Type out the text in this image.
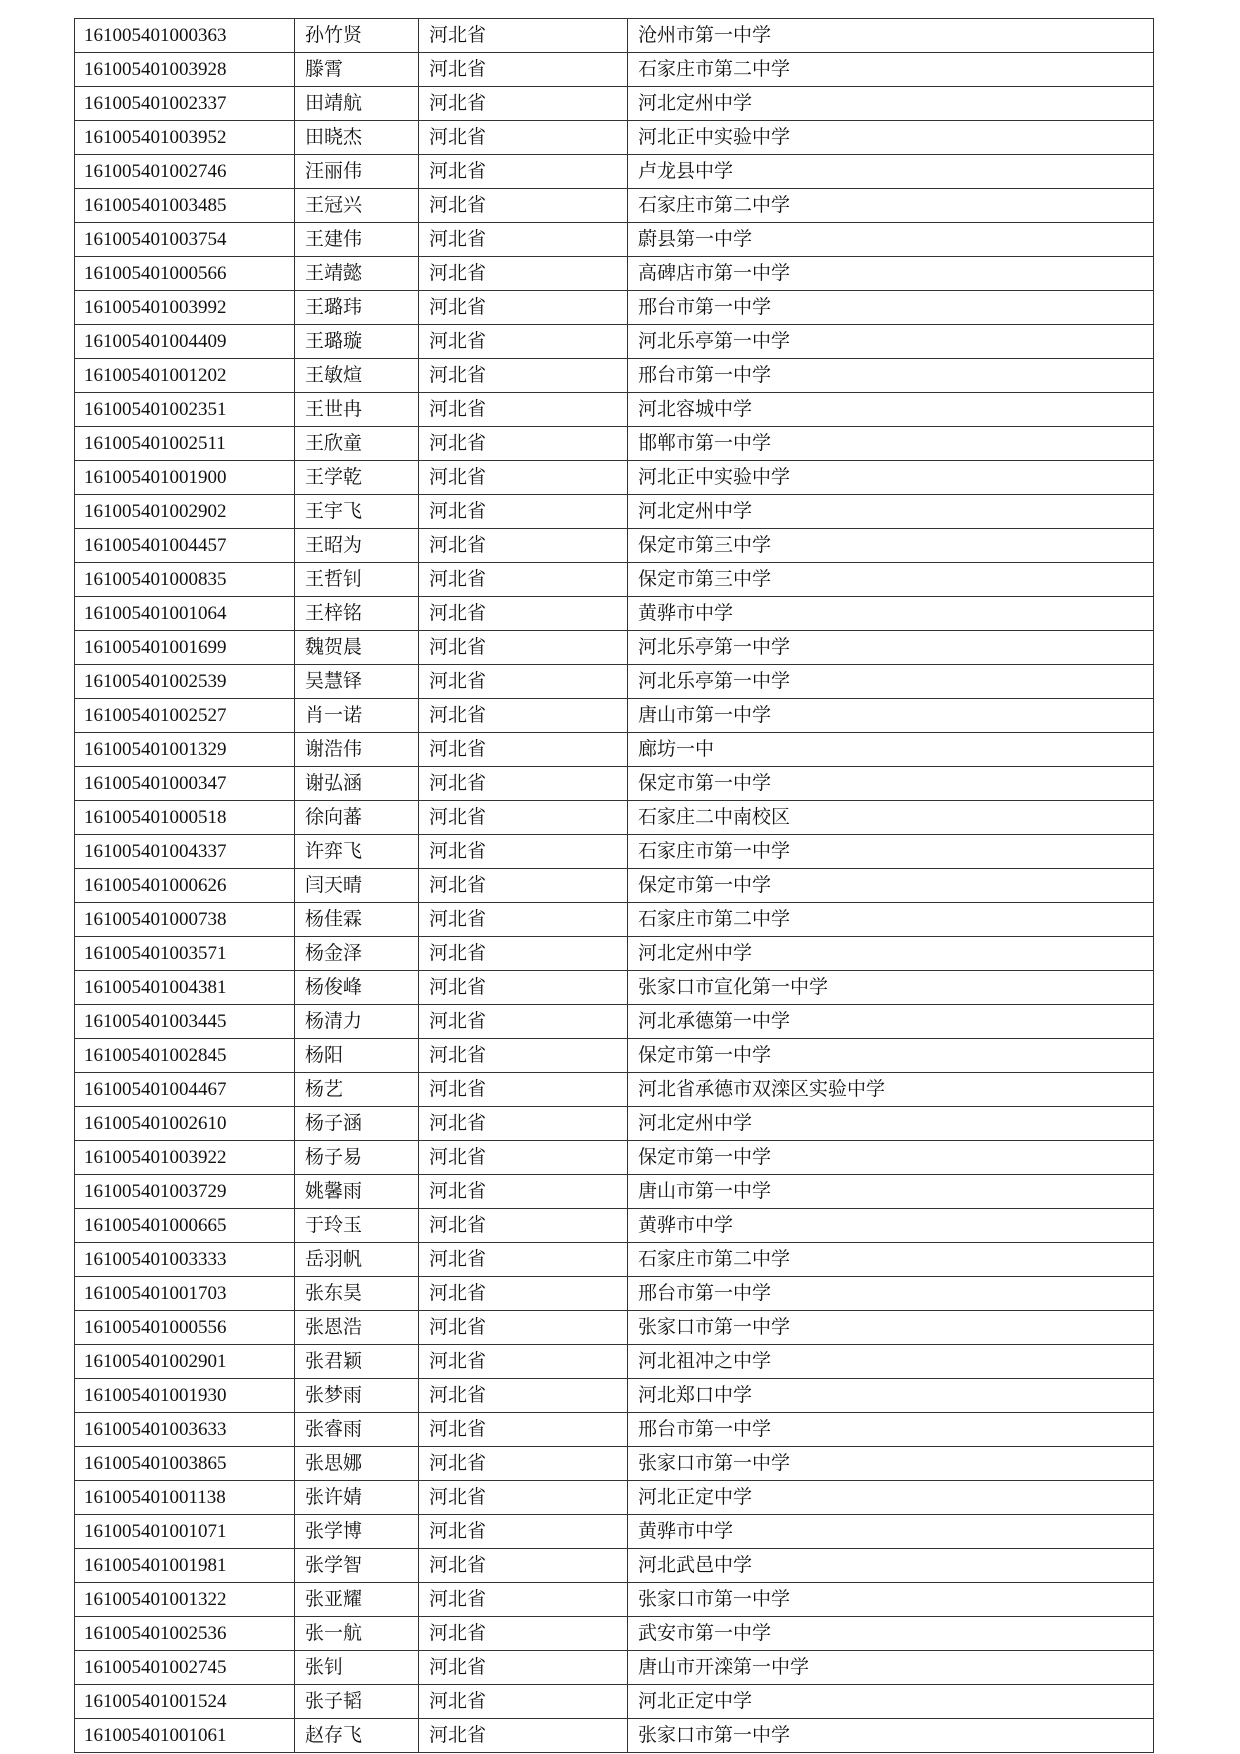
161005401000363	孙竹贤	河北省	沧州市第一中学
161005401003928	滕霄	河北省	石家庄市第二中学
161005401002337	田靖航	河北省	河北定州中学
161005401003952	田晓杰	河北省	河北正中实验中学
161005401002746	汪丽伟	河北省	卢龙县中学
161005401003485	王冠兴	河北省	石家庄市第二中学
161005401003754	王建伟	河北省	蔚县第一中学
161005401000566	王靖懿	河北省	高碑店市第一中学
161005401003992	王璐玮	河北省	邢台市第一中学
161005401004409	王璐璇	河北省	河北乐亭第一中学
161005401001202	王敏煊	河北省	邢台市第一中学
161005401002351	王世冉	河北省	河北容城中学
161005401002511	王欣童	河北省	邯郸市第一中学
161005401001900	王学乾	河北省	河北正中实验中学
161005401002902	王宇飞	河北省	河北定州中学
161005401004457	王昭为	河北省	保定市第三中学
161005401000835	王哲钊	河北省	保定市第三中学
161005401001064	王梓铭	河北省	黄骅市中学
161005401001699	魏贺晨	河北省	河北乐亭第一中学
161005401002539	吴慧铎	河北省	河北乐亭第一中学
161005401002527	肖一诺	河北省	唐山市第一中学
161005401001329	谢浩伟	河北省	廊坊一中
161005401000347	谢弘涵	河北省	保定市第一中学
161005401000518	徐向蕃	河北省	石家庄二中南校区
161005401004337	许弈飞	河北省	石家庄市第一中学
161005401000626	闫天晴	河北省	保定市第一中学
161005401000738	杨佳霖	河北省	石家庄市第二中学
161005401003571	杨金泽	河北省	河北定州中学
161005401004381	杨俊峰	河北省	张家口市宣化第一中学
161005401003445	杨清力	河北省	河北承德第一中学
161005401002845	杨阳	河北省	保定市第一中学
161005401004467	杨艺	河北省	河北省承德市双滦区实验中学
161005401002610	杨子涵	河北省	河北定州中学
161005401003922	杨子易	河北省	保定市第一中学
161005401003729	姚馨雨	河北省	唐山市第一中学
161005401000665	于玲玉	河北省	黄骅市中学
161005401003333	岳羽帆	河北省	石家庄市第二中学
161005401001703	张东昊	河北省	邢台市第一中学
161005401000556	张恩浩	河北省	张家口市第一中学
161005401002901	张君颖	河北省	河北祖冲之中学
161005401001930	张梦雨	河北省	河北郑口中学
161005401003633	张睿雨	河北省	邢台市第一中学
161005401003865	张思娜	河北省	张家口市第一中学
161005401001138	张许婧	河北省	河北正定中学
161005401001071	张学博	河北省	黄骅市中学
161005401001981	张学智	河北省	河北武邑中学
161005401001322	张亚耀	河北省	张家口市第一中学
161005401002536	张一航	河北省	武安市第一中学
161005401002745	张钊	河北省	唐山市开滦第一中学
161005401001524	张子韬	河北省	河北正定中学
161005401001061	赵存飞	河北省	张家口市第一中学
